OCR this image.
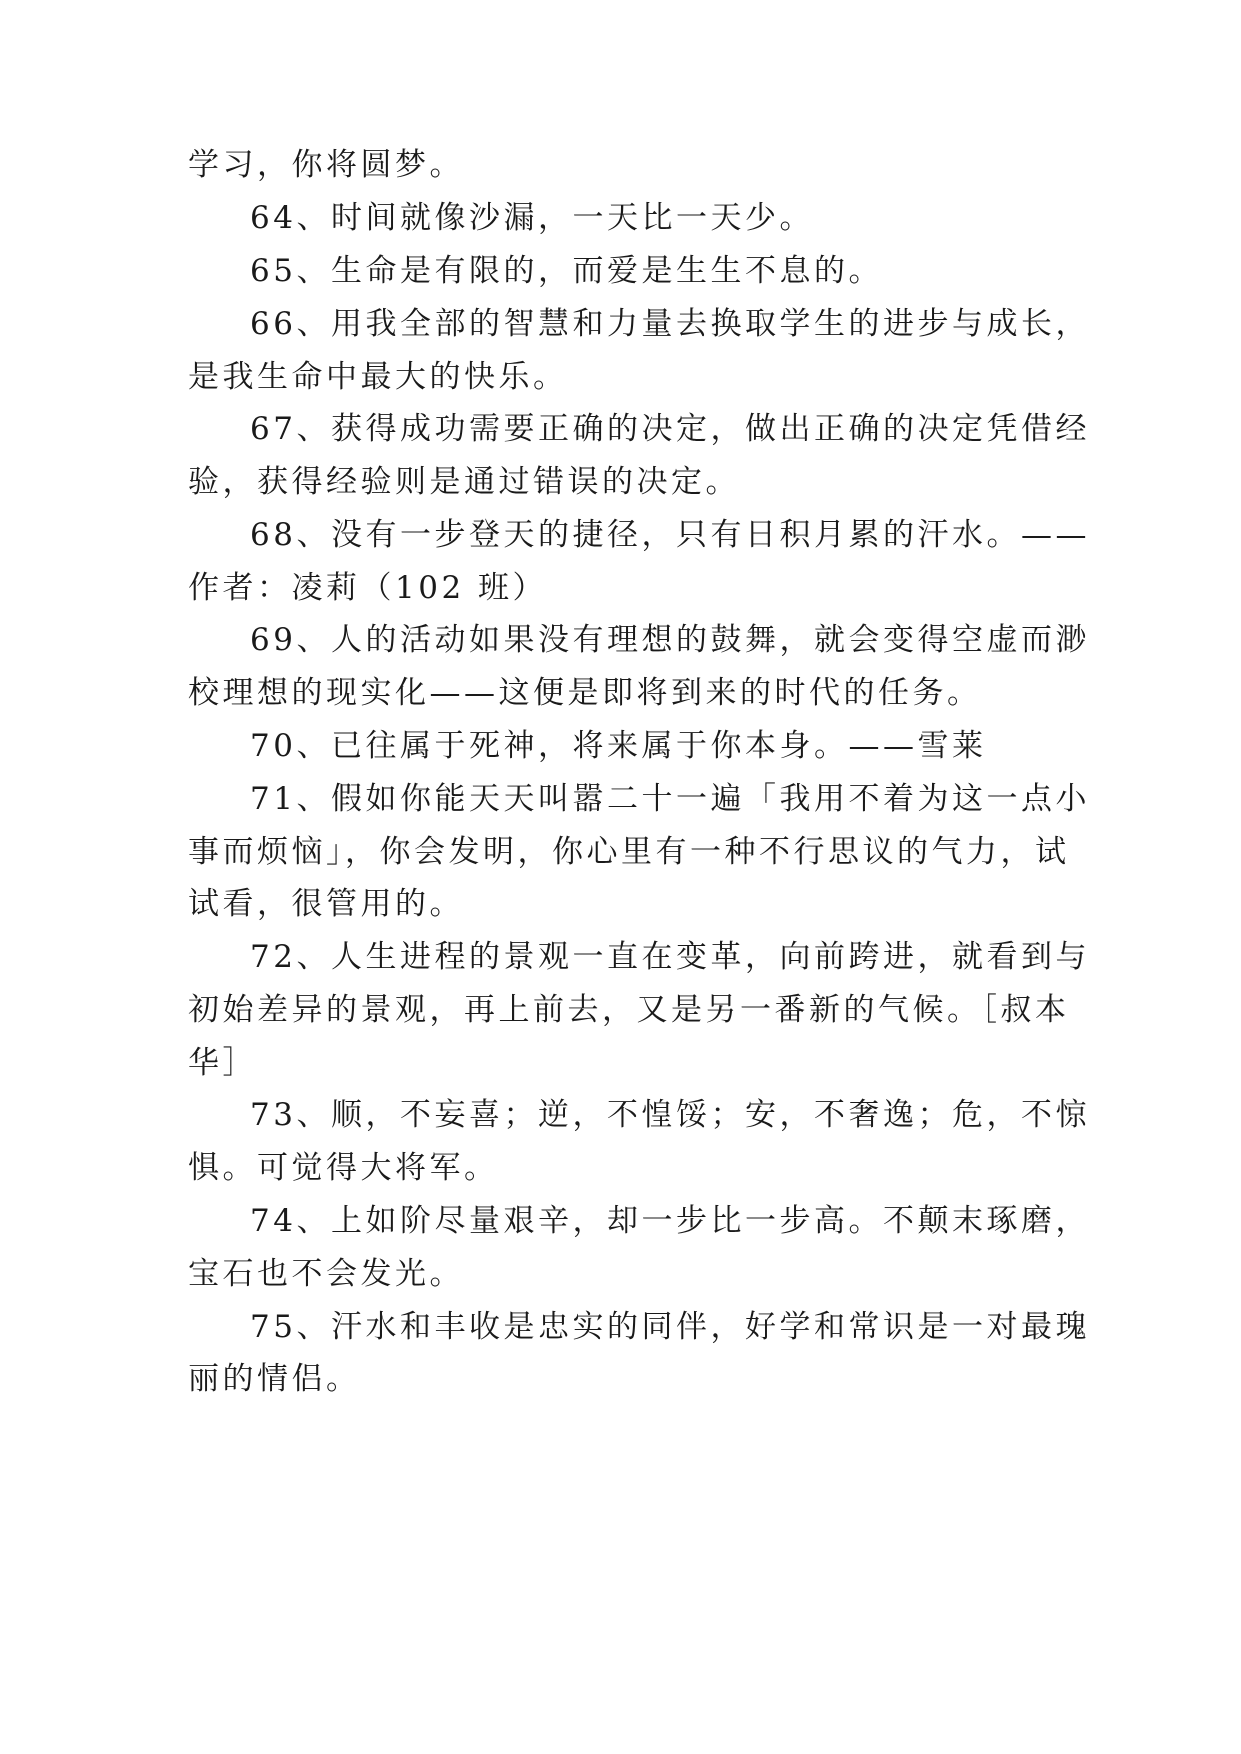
学习，你将圆梦。

64、时间就像沙漏，一天比一天少。

65、生命是有限的，而爱是生生不息的。

66、用我全部的智慧和力量去换取学生的进步与成长，

是我生命中最大的快乐。

67、获得成功需要正确的决定，做出正确的决定凭借经

验，获得经验则是通过错误的决定。

68、没有一步登天的捷径，只有日积月累的汗水。——

作者：凌莉（102 班）

69、人的活动如果没有理想的鼓舞，就会变得空虚而渺

校理想的现实化——这便是即将到来的时代的任务。

70、已往属于死神，将来属于你本身。——雪莱

71、假如你能天天叫嚣二十一遍「我用不着为这一点小

事而烦恼」，你会发明，你心里有一种不行思议的气力，试

试看，很管用的。

72、人生进程的景观一直在变革，向前跨进，就看到与

初始差异的景观，再上前去，又是另一番新的气候。［叔本

华］

73、顺，不妄喜；逆，不惶馁；安，不奢逸；危，不惊

惧。可觉得大将军。

74、上如阶尽量艰辛，却一步比一步高。不颠末琢磨，

宝石也不会发光。

75、汗水和丰收是忠实的同伴，好学和常识是一对最瑰

丽的情侣。
